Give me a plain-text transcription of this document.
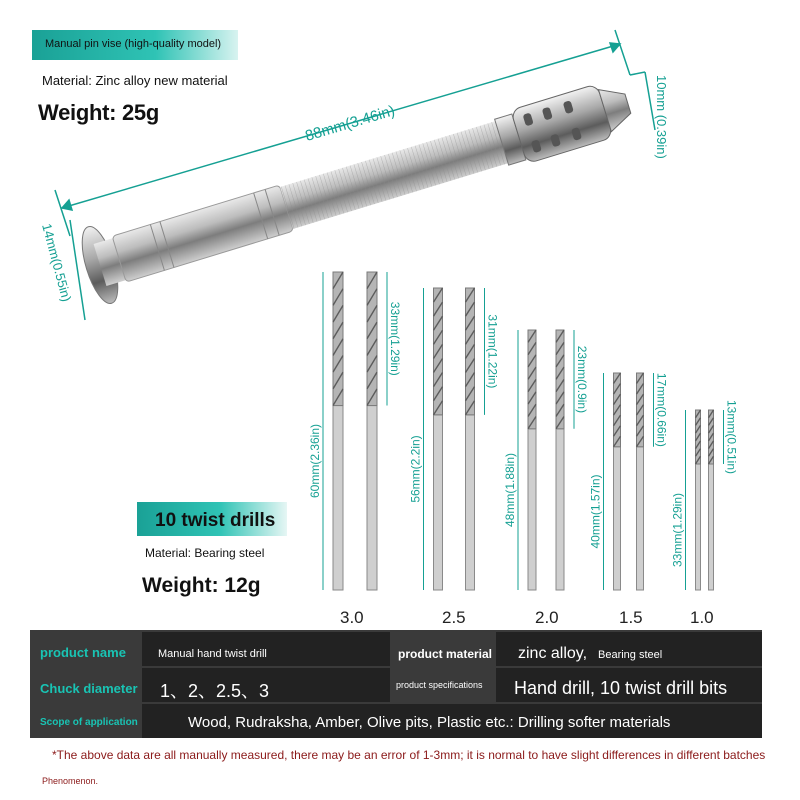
Manual pin vise (high-quality model)
Material: Zinc alloy new material
Weight: 25g	88mm(3.46in)	10mm (0.39in)
14mm(0.55in)
10 twist drills
Material: Bearing steel
Weight: 12g
60mm(2.36in)
33mm(1.29in)
56mm(2.2in)
31mm(1.22in)
48mm(1.88in)
23mm(0.9in)
40mm(1.57in)
17mm(0.66in)
33mm(1.29in)
13mm(0.51in)
3.0	2.5	2.0	1.5	1.0
product name	Manual hand twist drill	product material zinc alloy, Bearing steel
Chuck diameter 1、2、2.5、3	product specifications Hand drill, 10 twist drill bits
Scope of application	Wood, Rudraksha, Amber, Olive pits, Plastic etc.: Drilling softer materials
*The above data are all manually measured, there may be an error of 1-3mm; it is normal to have slight differences in different batches
Phenomenon.
